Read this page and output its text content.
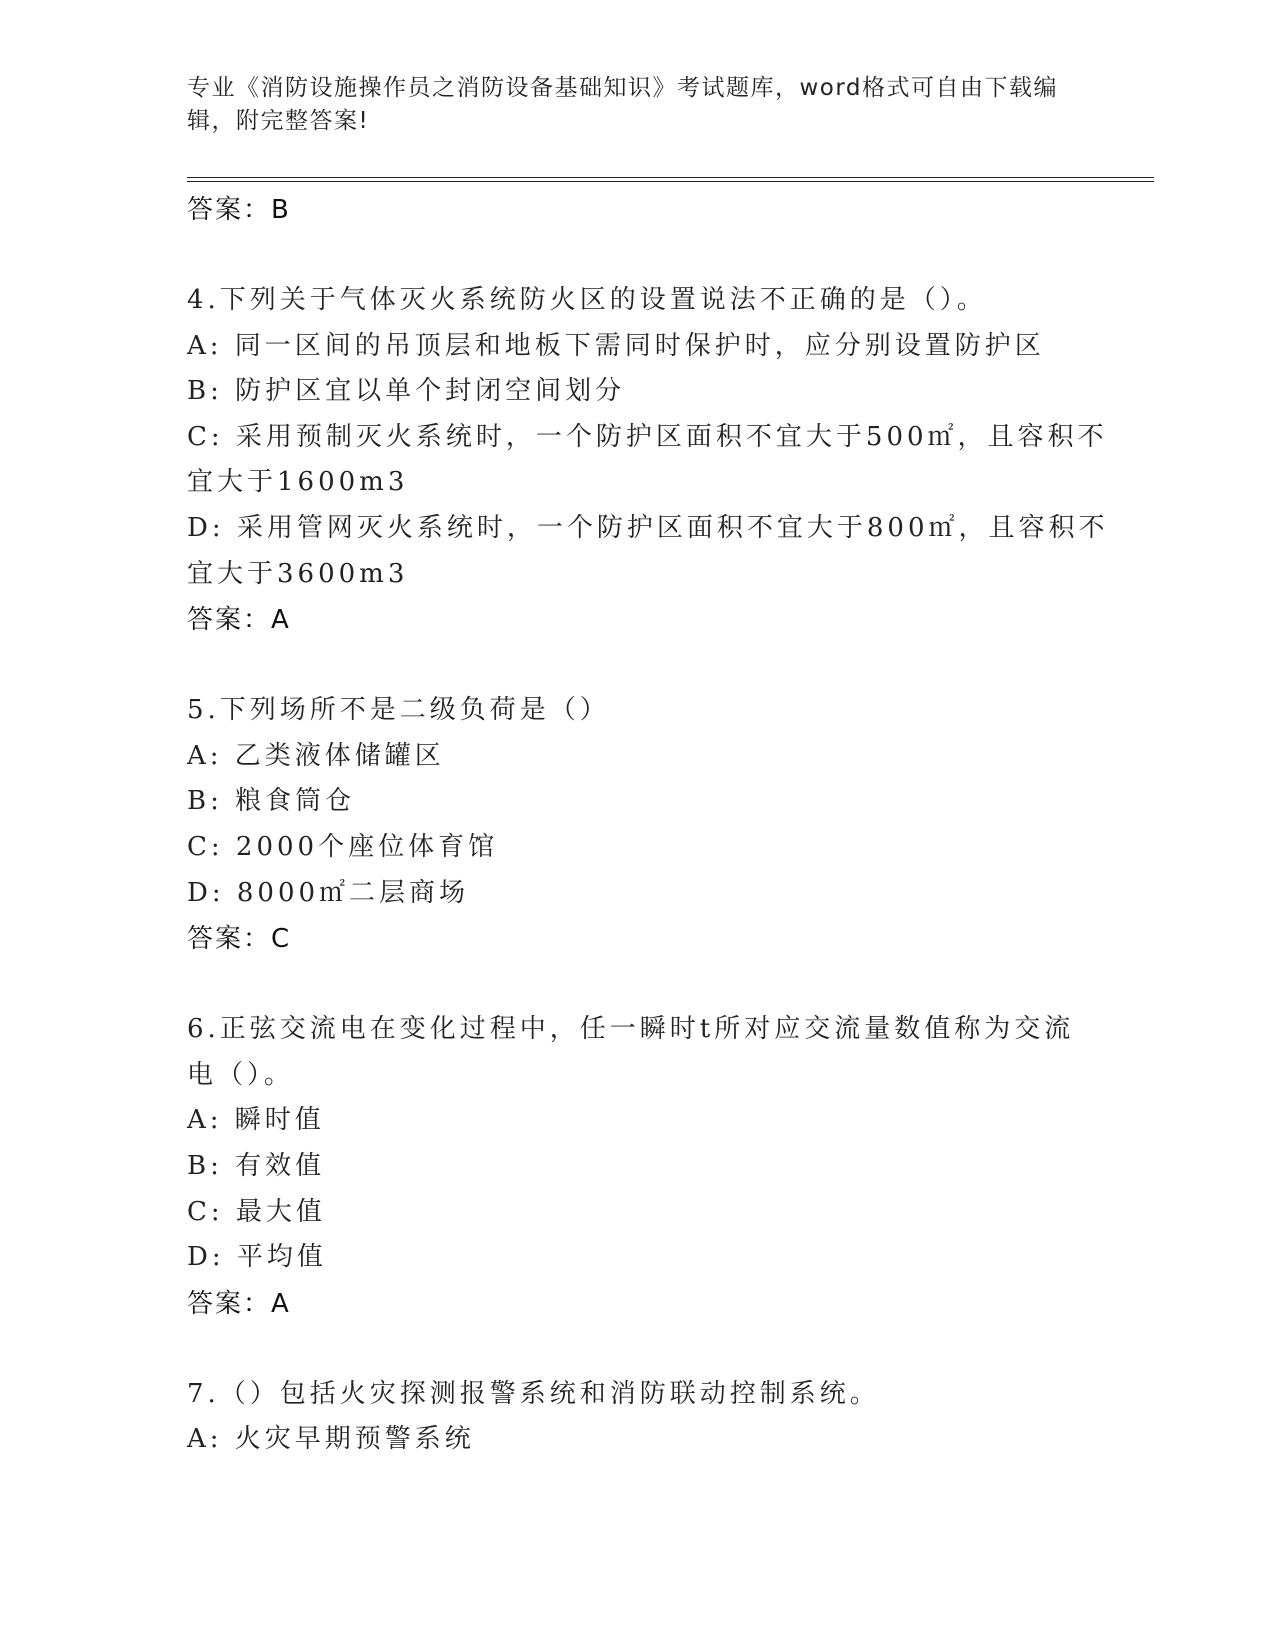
专业《消防设施操作员之消防设备基础知识》考试题库，word格式可自由下载编辑，附完整答案!
答案：B
4.下列关于气体灭火系统防火区的设置说法不正确的是（）。
A: 同一区间的吊顶层和地板下需同时保护时，应分别设置防护区
B: 防护区宜以单个封闭空间划分
C: 采用预制灭火系统时，一个防护区面积不宜大于500㎡，且容积不
宜大于1600m3
D: 采用管网灭火系统时，一个防护区面积不宜大于800㎡，且容积不
宜大于3600m3
答案：A
5.下列场所不是二级负荷是（）
A: 乙类液体储罐区
B: 粮食筒仓
C: 2000个座位体育馆
D: 8000㎡二层商场
答案：C
6.正弦交流电在变化过程中，任一瞬时t所对应交流量数值称为交流
电（）。
A: 瞬时值
B: 有效值
C: 最大值
D: 平均值
答案：A
7.（）包括火灾探测报警系统和消防联动控制系统。
A: 火灾早期预警系统
